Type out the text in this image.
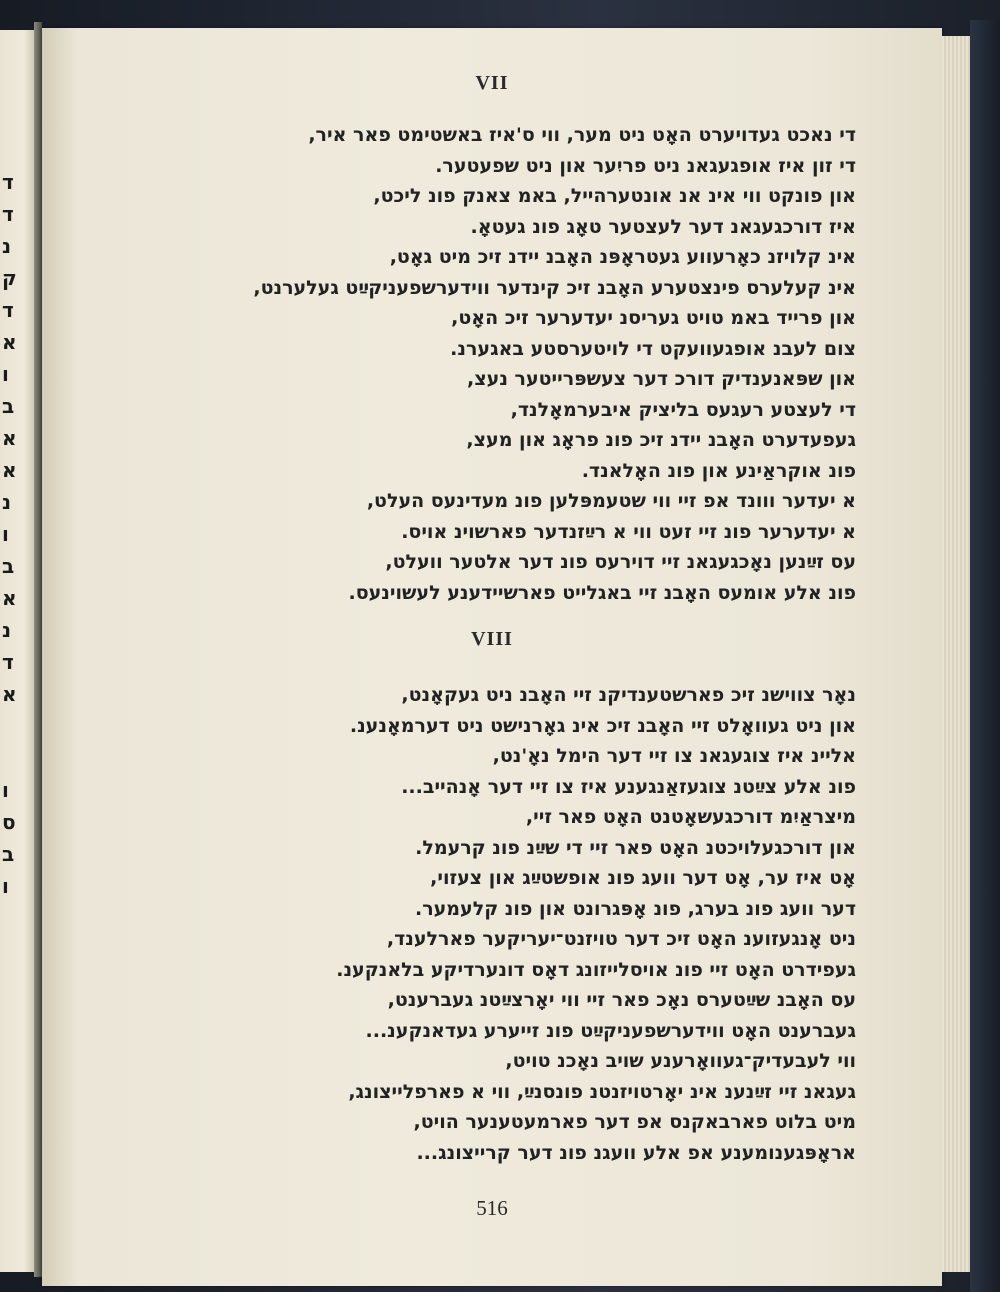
ד
ד
נ
ק
ד
א
ו
ב
א
א
נ
ו
ב
א
נ
ד
א
ו
ס
ב
ו
VII
די נאכט געדויערט האָט ניט מער, ווי ס'איז באשטימט פאר איר,
די זון איז אופגעגאנ ניט פריִער און ניט שפעטער.
און פונקט ווי אינ אנ אונטערהייל, באמ צאנק פונ ליכט,
איז דורכגעגאנ דער לעצטער טאָג פונ געטאָ.
אינ קלויזנ כאָרעווע געטראָפּנ האָבנ יידנ זיכ מיט גאָט,
אינ קעלערס פינצטערע האָבנ זיכ קינדער ווידערשפעניקײַט געלערנט,
און פרייד באמ טויט געריסנ יעדערער זיכ האָט,
צום לעבנ אופגעוועקט די לויטערסטע באגערנ.
און שפּאנענדיק דורכ דער צעשפּרייטער נעצ,
די לעצטע רעגעס בליציק איבערמאָלנד,
געפעדערט האָבנ יידנ זיכ פונ פראָג און מעצ,
פונ אוקראַינע און פונ האָלאנד.
א יעדער ווונד אפ זיי ווי שטעמפּלען פונ מעדינעס העלט,
א יעדערער פונ זיי זעט ווי א רײַזנדער פארשוינ אויס.
עס זײַנען נאָכגעגאנ זיי דוירעס פונ דער אלטער וועלט,
פונ אלע אומעס האָבנ זיי באגלייט פארשיידענע לעשוינעס.
VIII
נאָר צווישנ זיכ פארשטענדיקנ זיי האָבנ ניט געקאָנט,
און ניט געוואָלט זיי האָבנ זיכ אינ גאָרנישט ניט דערמאָנענ.
אליינ איז צוגעגאנ צו זיי דער הימל נאָ'נט,
פונ אלע צײַטנ צוגעזאַנגענע איז צו זיי דער אָנהייב...
מיצראַיִמ דורכגעשאָטנט האָט פאר זיי,
און דורכגעלויכטנ האָט פאר זיי די שײַנ פונ קרעמל.
אָט איז ער, אָט דער וועג פונ אופשטײַג און צעזוי,
דער וועג פונ בערג, פונ אָפּגרונט און פונ קלעמער.
ניט אָנגעזוענ האָט זיכ דער טויזנט־יעריקער פארלענד,
געפידרט האָט זיי פונ אויסלייזונג דאָס דונערדיקע בלאנקענ.
עס האָבנ שײַטערס נאָכ פאר זיי ווי יאָרצײַטנ געברענט,
געברענט האָט ווידערשפעניקײַט פונ זייערע געדאנקענ...
ווי לעבעדיק־געוואָרענע שויב נאָכנ טויט,
געגאנ זיי זײַנענ אינ יאָרטויזנטנ פונסנײַ, ווי א פארפלייצונג,
מיט בלוט פארבאקנס אפ דער פארמעטענער הויט,
אראָפּגענומענע אפ אלע וועגנ פונ דער קרייצונג...

516
